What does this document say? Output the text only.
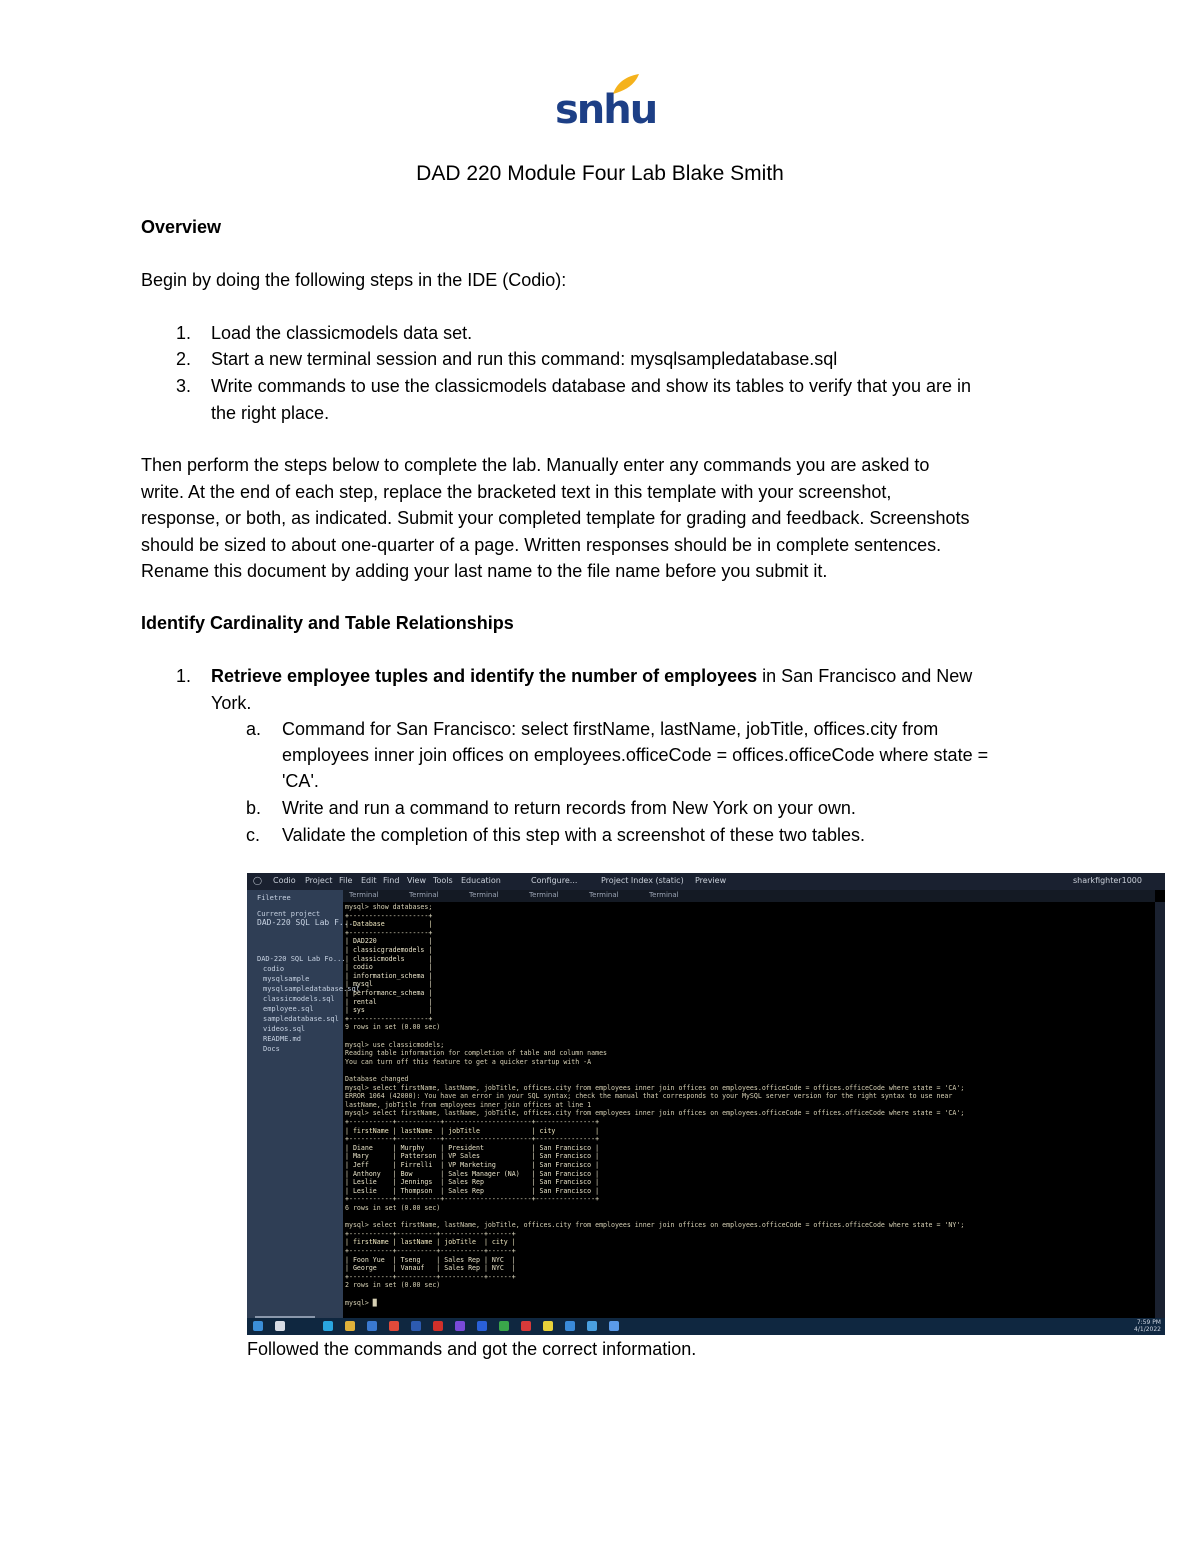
snhu
DAD 220 Module Four Lab Blake Smith
Overview
Begin by doing the following steps in the IDE (Codio):
1. Load the classicmodels data set.
2. Start a new terminal session and run this command: mysqlsampledatabase.sql
3. Write commands to use the classicmodels database and show its tables to verify that you are in
the right place.
Then perform the steps below to complete the lab. Manually enter any commands you are asked to
write. At the end of each step, replace the bracketed text in this template with your screenshot,
response, or both, as indicated. Submit your completed template for grading and feedback. Screenshots
should be sized to about one-quarter of a page. Written responses should be in complete sentences.
Rename this document by adding your last name to the file name before you submit it.
Identify Cardinality and Table Relationships
1. Retrieve employee tuples and identify the number of employees in San Francisco and New
York.
a. Command for San Francisco: select firstName, lastName, jobTitle, offices.city from
employees inner join offices on employees.officeCode = offices.officeCode where state =
'CA'.
b. Write and run a command to return records from New York on your own.
c. Validate the completion of this step with a screenshot of these two tables.
◯ Codio Project File Edit Find View Tools Education	Configure...	Project Index (static) Preview	sharkfighter1000
Filetree
Current project
DAD-220 SQL Lab F...
DAD-220 SQL Lab Fo...
codio
mysqlsample
mysqlsampledatabase.sql
classicmodels.sql
employee.sql
sampledatabase.sql
videos.sql
README.md
Docs
Terminal	Terminal	Terminal	Terminal	Terminal	Terminal
mysql> show databases;
+--------------------+
| Database           |
+--------------------+
| DAD220             |
| classicgrademodels |
| classicmodels      |
| codio              |
| information_schema |
| mysql              |
| performance_schema |
| rental             |
| sys                |
+--------------------+
9 rows in set (0.00 sec)
mysql> use classicmodels;
Reading table information for completion of table and column names
You can turn off this feature to get a quicker startup with -A
Database changed
mysql> select firstName, lastName, jobTitle, offices.city from employees inner join offices on employees.officeCode = offices.officeCode where state = 'CA';
ERROR 1064 (42000): You have an error in your SQL syntax; check the manual that corresponds to your MySQL server version for the right syntax to use near
lastName, jobTitle from employees inner join offices at line 1
mysql> select firstName, lastName, jobTitle, offices.city from employees inner join offices on employees.officeCode = offices.officeCode where state = 'CA';
+-----------+-----------+----------------------+---------------+
| firstName | lastName  | jobTitle             | city          |
+-----------+-----------+----------------------+---------------+
| Diane     | Murphy    | President            | San Francisco |
| Mary      | Patterson | VP Sales             | San Francisco |
| Jeff      | Firrelli  | VP Marketing         | San Francisco |
| Anthony   | Bow       | Sales Manager (NA)   | San Francisco |
| Leslie    | Jennings  | Sales Rep            | San Francisco |
| Leslie    | Thompson  | Sales Rep            | San Francisco |
+-----------+-----------+----------------------+---------------+
6 rows in set (0.00 sec)
mysql> select firstName, lastName, jobTitle, offices.city from employees inner join offices on employees.officeCode = offices.officeCode where state = 'NY';
+-----------+----------+-----------+------+
| firstName | lastName | jobTitle  | city |
+-----------+----------+-----------+------+
| Foon Yue  | Tseng    | Sales Rep | NYC  |
| George    | Vanauf   | Sales Rep | NYC  |
+-----------+----------+-----------+------+
2 rows in set (0.00 sec)
mysql> █
7:59 PM
4/1/2022
Followed the commands and got the correct information.
